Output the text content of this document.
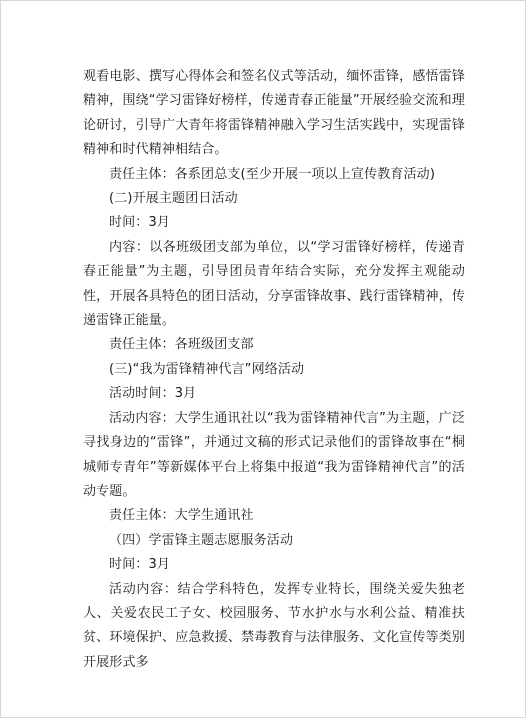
观看电影、撰写心得体会和签名仪式等活动，缅怀雷锋，感悟雷锋精神，围绕“学习雷锋好榜样，传递青春正能量”开展经验交流和理论研讨，引导广大青年将雷锋精神融入学习生活实践中，实现雷锋精神和时代精神相结合。

责任主体：各系团总支(至少开展一项以上宣传教育活动)

(二)开展主题团日活动

时间：3月

内容：以各班级团支部为单位，以“学习雷锋好榜样，传递青春正能量”为主题，引导团员青年结合实际，充分发挥主观能动性，开展各具特色的团日活动，分享雷锋故事、践行雷锋精神，传递雷锋正能量。

责任主体：各班级团支部

(三)“我为雷锋精神代言”网络活动

活动时间：3月

活动内容：大学生通讯社以“我为雷锋精神代言”为主题，广泛寻找身边的“雷锋”，并通过文稿的形式记录他们的雷锋故事在“桐城师专青年”等新媒体平台上将集中报道“我为雷锋精神代言”的活动专题。

责任主体：大学生通讯社

（四）学雷锋主题志愿服务活动

时间：3月

活动内容：结合学科特色，发挥专业特长，围绕关爱失独老人、关爱农民工子女、校园服务、节水护水与水利公益、精准扶贫、环境保护、应急救援、禁毒教育与法律服务、文化宣传等类别开展形式多
